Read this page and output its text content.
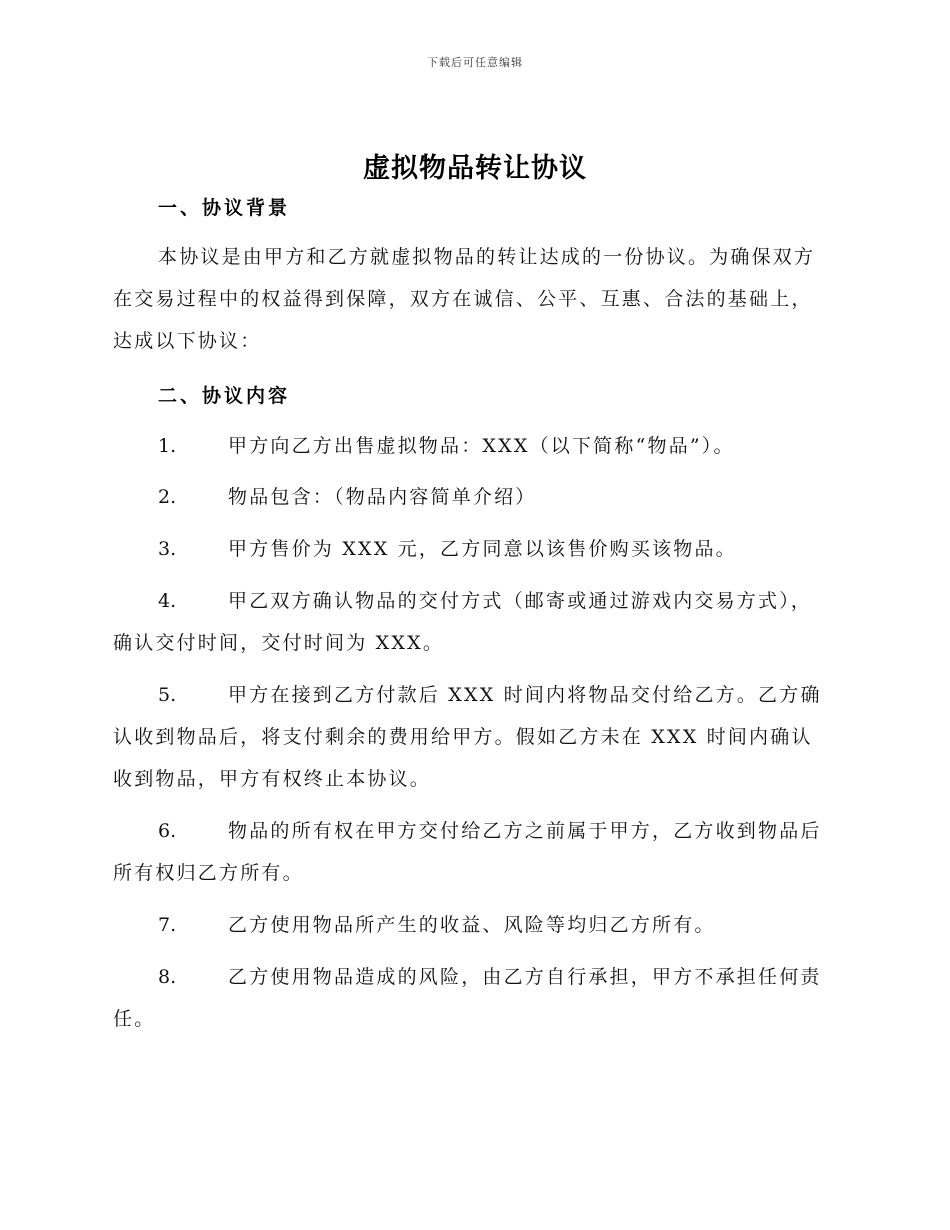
下载后可任意编辑
虚拟物品转让协议
一、协议背景
本协议是由甲方和乙方就虚拟物品的转让达成的一份协议。为确保双方
在交易过程中的权益得到保障，双方在诚信、公平、互惠、合法的基础上，
达成以下协议：
二、协议内容
1.	甲方向乙方出售虚拟物品：XXX（以下简称“物品”）。
2.	物品包含：（物品内容简单介绍）
3.	甲方售价为 XXX 元，乙方同意以该售价购买该物品。
4.	甲乙双方确认物品的交付方式（邮寄或通过游戏内交易方式），
确认交付时间，交付时间为 XXX。
5.	甲方在接到乙方付款后 XXX 时间内将物品交付给乙方。乙方确
认收到物品后，将支付剩余的费用给甲方。假如乙方未在 XXX 时间内确认
收到物品，甲方有权终止本协议。
6.	物品的所有权在甲方交付给乙方之前属于甲方，乙方收到物品后
所有权归乙方所有。
7.	乙方使用物品所产生的收益、风险等均归乙方所有。
8.	乙方使用物品造成的风险，由乙方自行承担，甲方不承担任何责
任。
